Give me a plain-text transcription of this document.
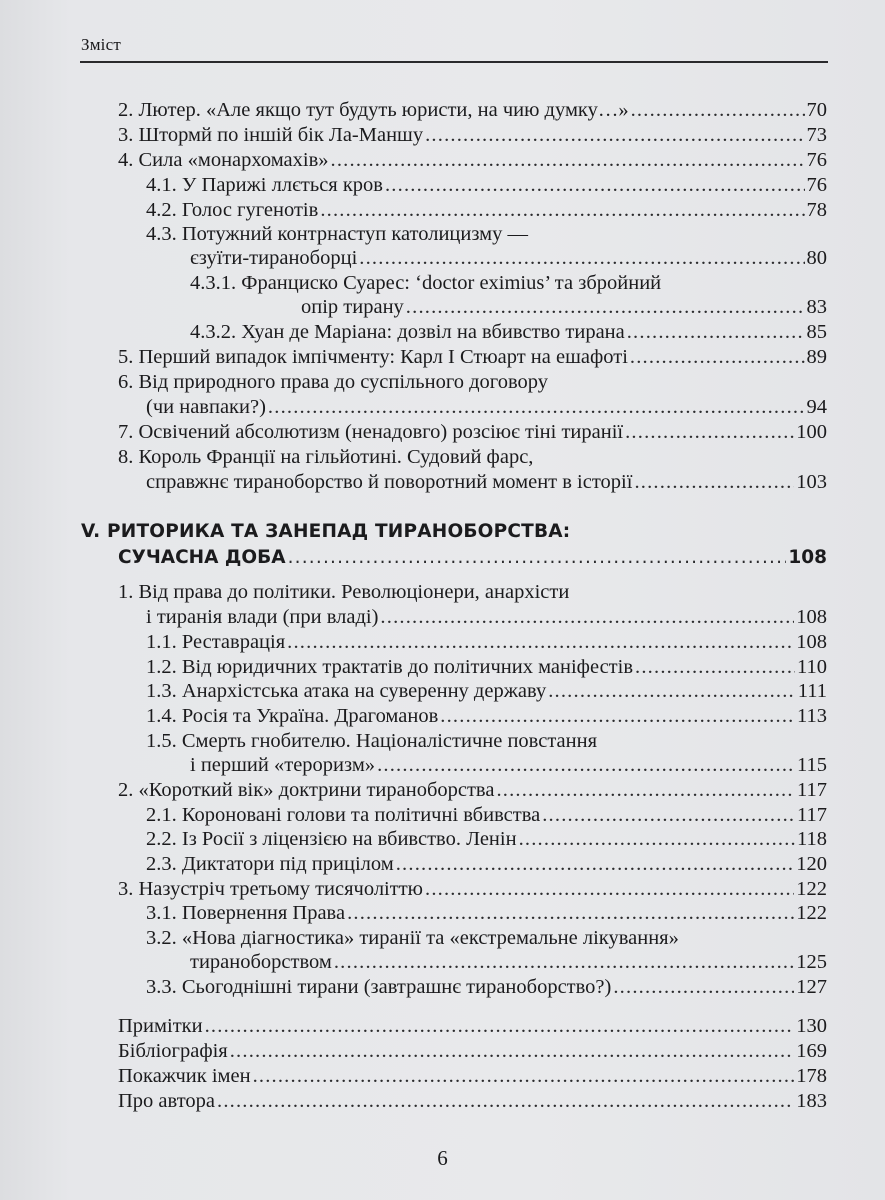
Зміст
2. Лютер. «Але якщо тут будуть юристи, на чию думку…» .....	70
3. Штормй по іншій бік Ла-Маншу .....	73
4. Сила «монархомахів» .....	76
4.1. У Парижі ллється кров .....	76
4.2. Голос гугенотів .....	78
4.3. Потужний контрнаступ католицизму —
єзуїти-тираноборці .....	80
4.3.1. Франциско Суарес: ‘doctor eximius’ та збройний
опір тирану .....	83
4.3.2. Хуан де Маріана: дозвіл на вбивство тирана .....	85
5. Перший випадок імпічменту: Карл І Стюарт на ешафоті .....	89
6. Від природного права до суспільного договору
(чи навпаки?) .....	94
7. Освічений абсолютизм (ненадовго) розсіює тіні тиранії .....	100
8. Король Франції на гільйотині. Судовий фарс,
справжнє тираноборство й поворотний момент в історії .....	103
V. РИТОРИКА ТА ЗАНЕПАД ТИРАНОБОРСТВА:
СУЧАСНА ДОБА .....	108
1. Від права до політики. Революціонери, анархісти
і тиранія влади (при владі) .....	108
1.1. Реставрація .....	108
1.2. Від юридичних трактатів до політичних маніфестів .....	110
1.3. Анархістська атака на суверенну державу .....	111
1.4. Росія та Україна. Драгоманов .....	113
1.5. Смерть гнобителю. Націоналістичне повстання
і перший «тероризм» .....	115
2. «Короткий вік» доктрини тираноборства .....	117
2.1. Короновані голови та політичні вбивства .....	117
2.2. Із Росії з ліцензією на вбивство. Ленін .....	118
2.3. Диктатори під прицілом .....	120
3. Назустріч третьому тисячоліттю .....	122
3.1. Повернення Права .....	122
3.2. «Нова діагностика» тиранії та «екстремальне лікування»
тираноборством .....	125
3.3. Сьогоднішні тирани (завтрашнє тираноборство?) .....	127
Примітки .....	130
Бібліографія .....	169
Покажчик імен .....	178
Про автора .....	183
6
